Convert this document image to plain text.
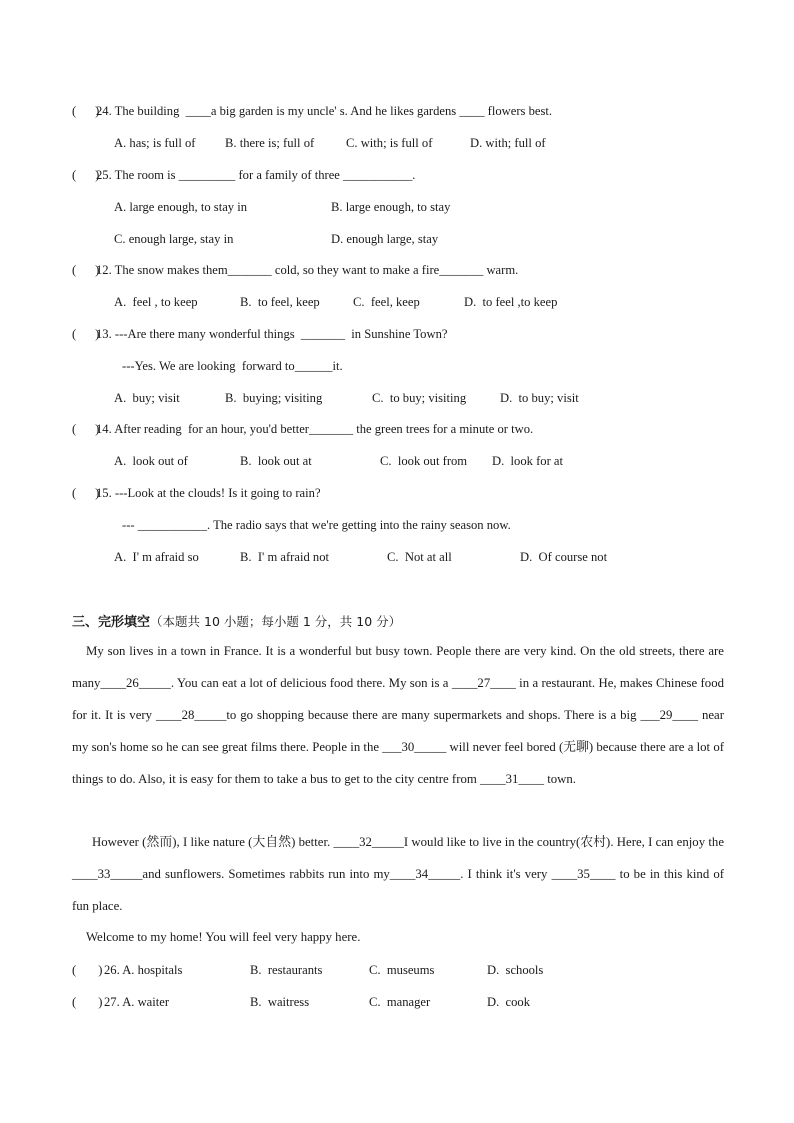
(      )
24. The building  ____a big garden is my uncle' s. And he likes gardens ____ flowers best.
A. has; is full of B. there is; full of	C. with; is full of	D. with; full of
(      )
25. The room is _________ for a family of three ___________.
A. large enough, to stay in	B. large enough, to stay
C. enough large, stay in	D. enough large, stay
(      )
12. The snow makes them_______ cold, so they want to make a fire_______ warm.
A.  feel , to keep	B.  to feel, keep	C.  feel, keep	D.  to feel ,to keep
(      )
13. ---Are there many wonderful things  _______  in Sunshine Town?
---Yes. We are looking  forward to______it.
A.  buy; visit	B.  buying; visiting	C.  to buy; visiting	D.  to buy; visit
(      )
14. After reading  for an hour, you'd better_______ the green trees for a minute or two.
A.  look out of	B.  look out at	C.  look out from D.  look for at
(      )
15. ---Look at the clouds! Is it going to rain?
--- ___________. The radio says that we're getting into the rainy season now.
A.  I' m afraid so	B.  I' m afraid not	C.  Not at all	D.  Of course not
三、完形填空（本题共 10 小题；每小题 1 分，共 10 分）
My son lives in a town in France. It is a wonderful but busy town. People there are very kind. On the old streets, there are many____26_____. You can eat a lot of delicious food there. My son is a ____27____ in a restaurant. He, makes Chinese food for it. It is very ____28_____to go shopping because there are many supermarkets and shops. There is a big ___29____ near my son's home so he can see great films there. People in the ___30_____ will never feel bored (无聊) because there are a lot of things to do. Also, it is easy for them to take a bus to get to the city centre from ____31____ town.
However (然而), I like nature (大自然) better. ____32_____I would like to live in the country(农村). Here, I can enjoy the ____33_____and sunflowers. Sometimes rabbits run into my____34_____. I think it's very ____35____ to be in this kind of fun place.
Welcome to my home! You will feel very happy here.
(       ) 26. A. hospitals	B.  restaurants	C.  museums	D.  schools
(       ) 27. A. waiter	B.  waitress	C.  manager	D.  cook
